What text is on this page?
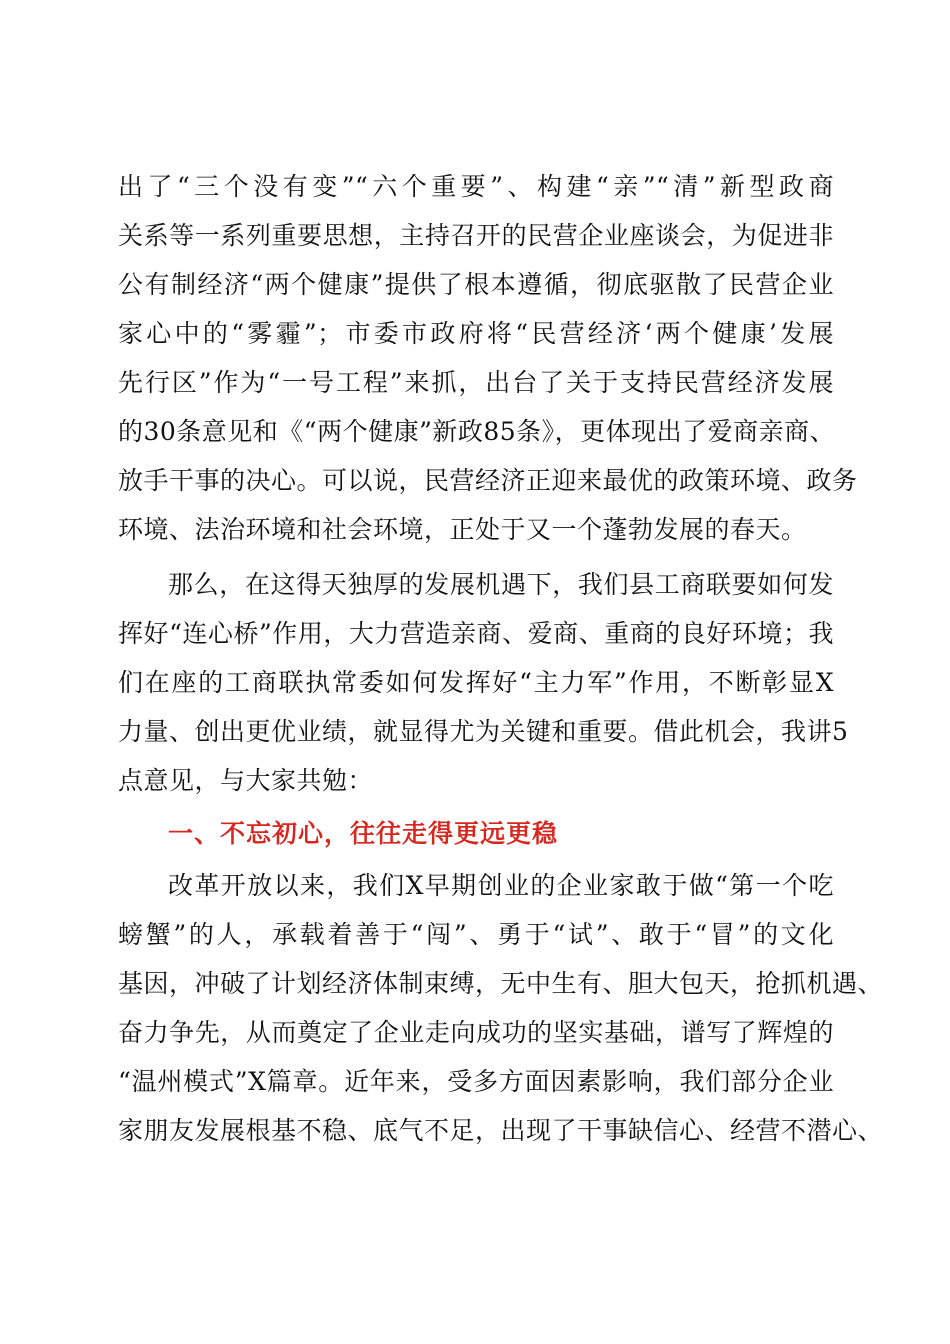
出了“三个没有变”“六个重要”、构建“亲”“清”新型政商
关系等一系列重要思想，主持召开的民营企业座谈会，为促进非
公有制经济“两个健康”提供了根本遵循，彻底驱散了民营企业
家心中的“雾霾”；市委市政府将“民营经济‘两个健康’发展
先行区”作为“一号工程”来抓，出台了关于支持民营经济发展
的30条意见和《“两个健康”新政85条》，更体现出了爱商亲商、
放手干事的决心。可以说，民营经济正迎来最优的政策环境、政务
环境、法治环境和社会环境，正处于又一个蓬勃发展的春天。
那么，在这得天独厚的发展机遇下，我们县工商联要如何发
挥好“连心桥”作用，大力营造亲商、爱商、重商的良好环境；我
们在座的工商联执常委如何发挥好“主力军”作用，不断彰显X
力量、创出更优业绩，就显得尤为关键和重要。借此机会，我讲5
点意见，与大家共勉：
一、不忘初心，往往走得更远更稳
改革开放以来，我们X早期创业的企业家敢于做“第一个吃
螃蟹”的人，承载着善于“闯”、勇于“试”、敢于“冒”的文化
基因，冲破了计划经济体制束缚，无中生有、胆大包天，抢抓机遇、
奋力争先，从而奠定了企业走向成功的坚实基础，谱写了辉煌的
“温州模式”X篇章。近年来，受多方面因素影响，我们部分企业
家朋友发展根基不稳、底气不足，出现了干事缺信心、经营不潜心、
